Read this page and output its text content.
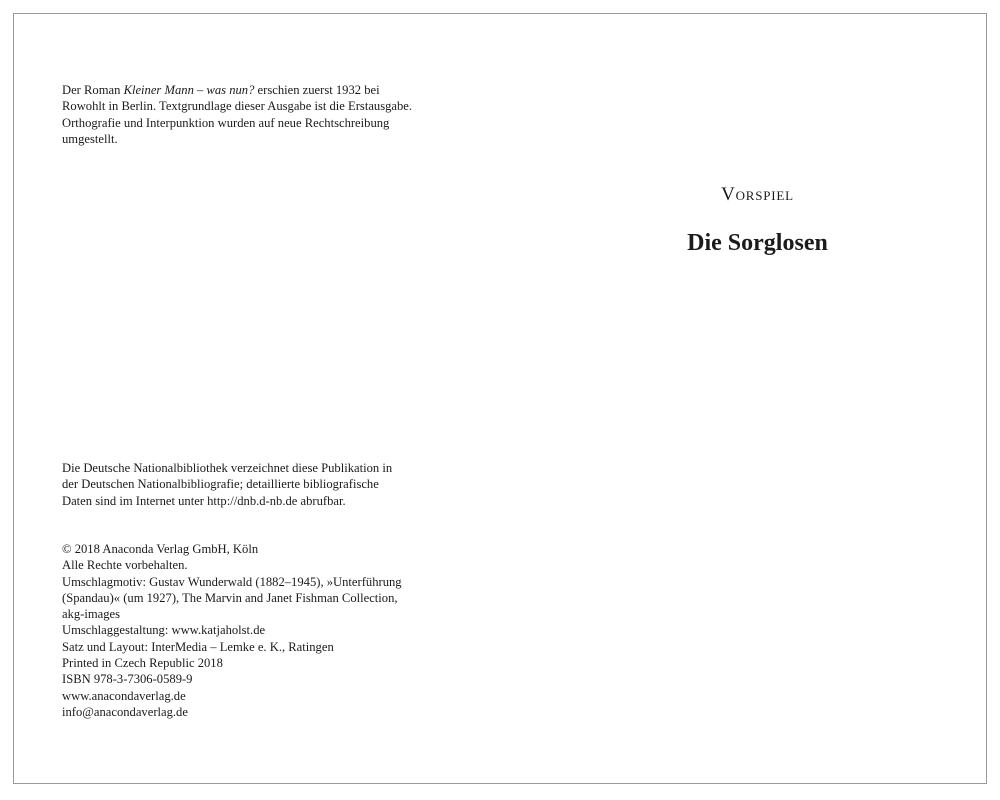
Der Roman Kleiner Mann – was nun? erschien zuerst 1932 bei
Rowohlt in Berlin. Textgrundlage dieser Ausgabe ist die Erstausgabe.
Orthografie und Interpunktion wurden auf neue Rechtschreibung
umgestellt.
Die Deutsche Nationalbibliothek verzeichnet diese Publikation in
der Deutschen Nationalbibliografie; detaillierte bibliografische
Daten sind im Internet unter http://dnb.d-nb.de abrufbar.
© 2018 Anaconda Verlag GmbH, Köln
Alle Rechte vorbehalten.
Umschlagmotiv: Gustav Wunderwald (1882–1945), »Unterführung
(Spandau)« (um 1927), The Marvin and Janet Fishman Collection,
akg-images
Umschlaggestaltung: www.katjaholst.de
Satz und Layout: InterMedia – Lemke e. K., Ratingen
Printed in Czech Republic 2018
ISBN 978-3-7306-0589-9
www.anacondaverlag.de
info@anacondaverlag.de
Vorspiel
Die Sorglosen
